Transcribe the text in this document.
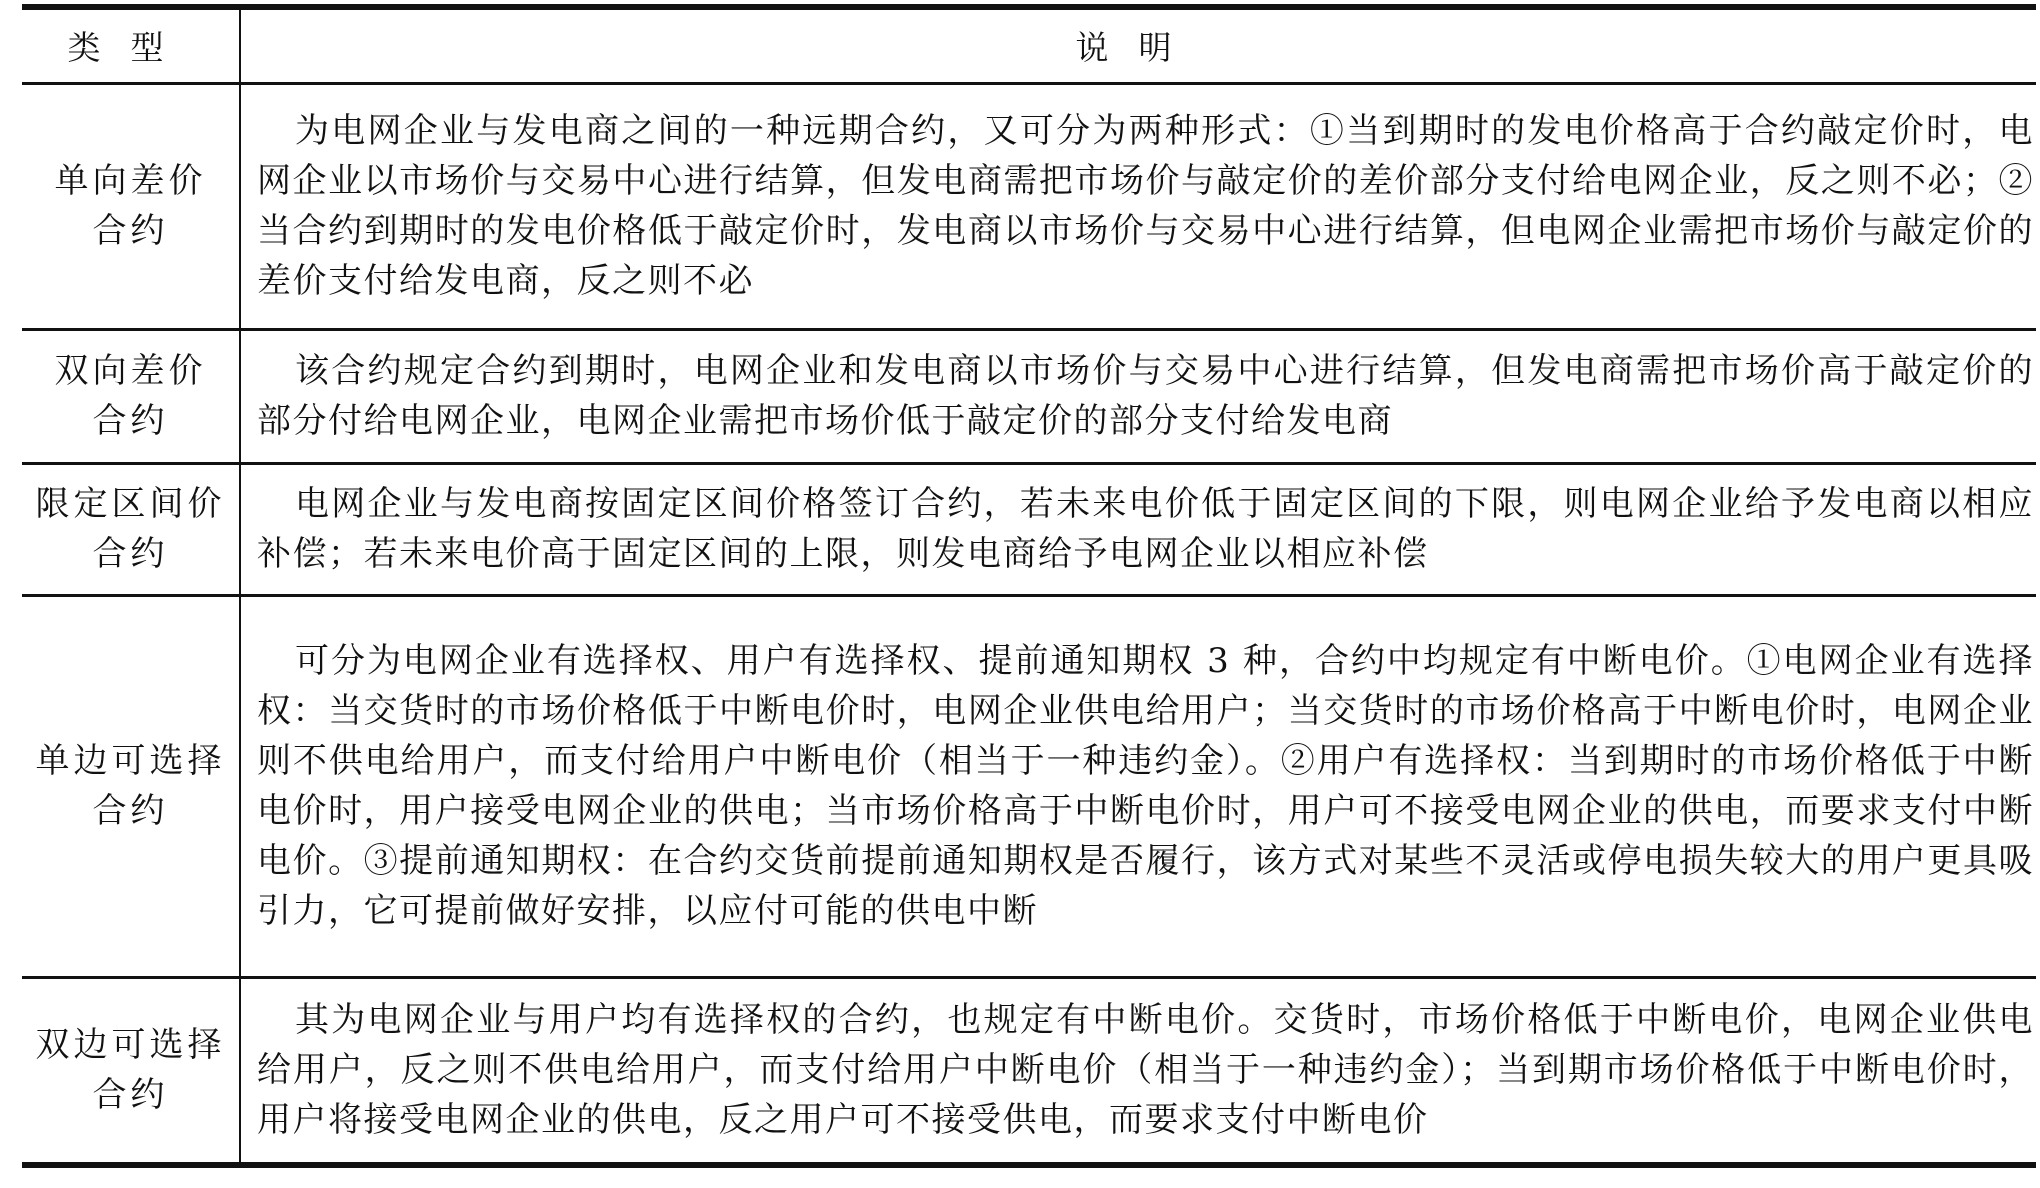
类型	说明

单向差价
合约	为电网企业与发电商之间的一种远期合约，又可分为两种形式：①当到期时的发电价格高于合约敲定价时，电网企业以市场价与交易中心进行结算，但发电商需把市场价与敲定价的差价部分支付给电网企业，反之则不必；②当合约到期时的发电价格低于敲定价时，发电商以市场价与交易中心进行结算，但电网企业需把市场价与敲定价的差价支付给发电商，反之则不必

双向差价
合约	该合约规定合约到期时，电网企业和发电商以市场价与交易中心进行结算，但发电商需把市场价高于敲定价的部分付给电网企业，电网企业需把市场价低于敲定价的部分支付给发电商

限定区间价
合约	电网企业与发电商按固定区间价格签订合约，若未来电价低于固定区间的下限，则电网企业给予发电商以相应补偿；若未来电价高于固定区间的上限，则发电商给予电网企业以相应补偿

单边可选择
合约	可分为电网企业有选择权、用户有选择权、提前通知期权 3 种，合约中均规定有中断电价。①电网企业有选择权：当交货时的市场价格低于中断电价时，电网企业供电给用户；当交货时的市场价格高于中断电价时，电网企业则不供电给用户，而支付给用户中断电价（相当于一种违约金）。②用户有选择权：当到期时的市场价格低于中断电价时，用户接受电网企业的供电；当市场价格高于中断电价时，用户可不接受电网企业的供电，而要求支付中断电价。③提前通知期权：在合约交货前提前通知期权是否履行，该方式对某些不灵活或停电损失较大的用户更具吸引力，它可提前做好安排，以应付可能的供电中断

双边可选择
合约	其为电网企业与用户均有选择权的合约，也规定有中断电价。交货时，市场价格低于中断电价，电网企业供电给用户，反之则不供电给用户，而支付给用户中断电价（相当于一种违约金）；当到期市场价格低于中断电价时，用户将接受电网企业的供电，反之用户可不接受供电，而要求支付中断电价
